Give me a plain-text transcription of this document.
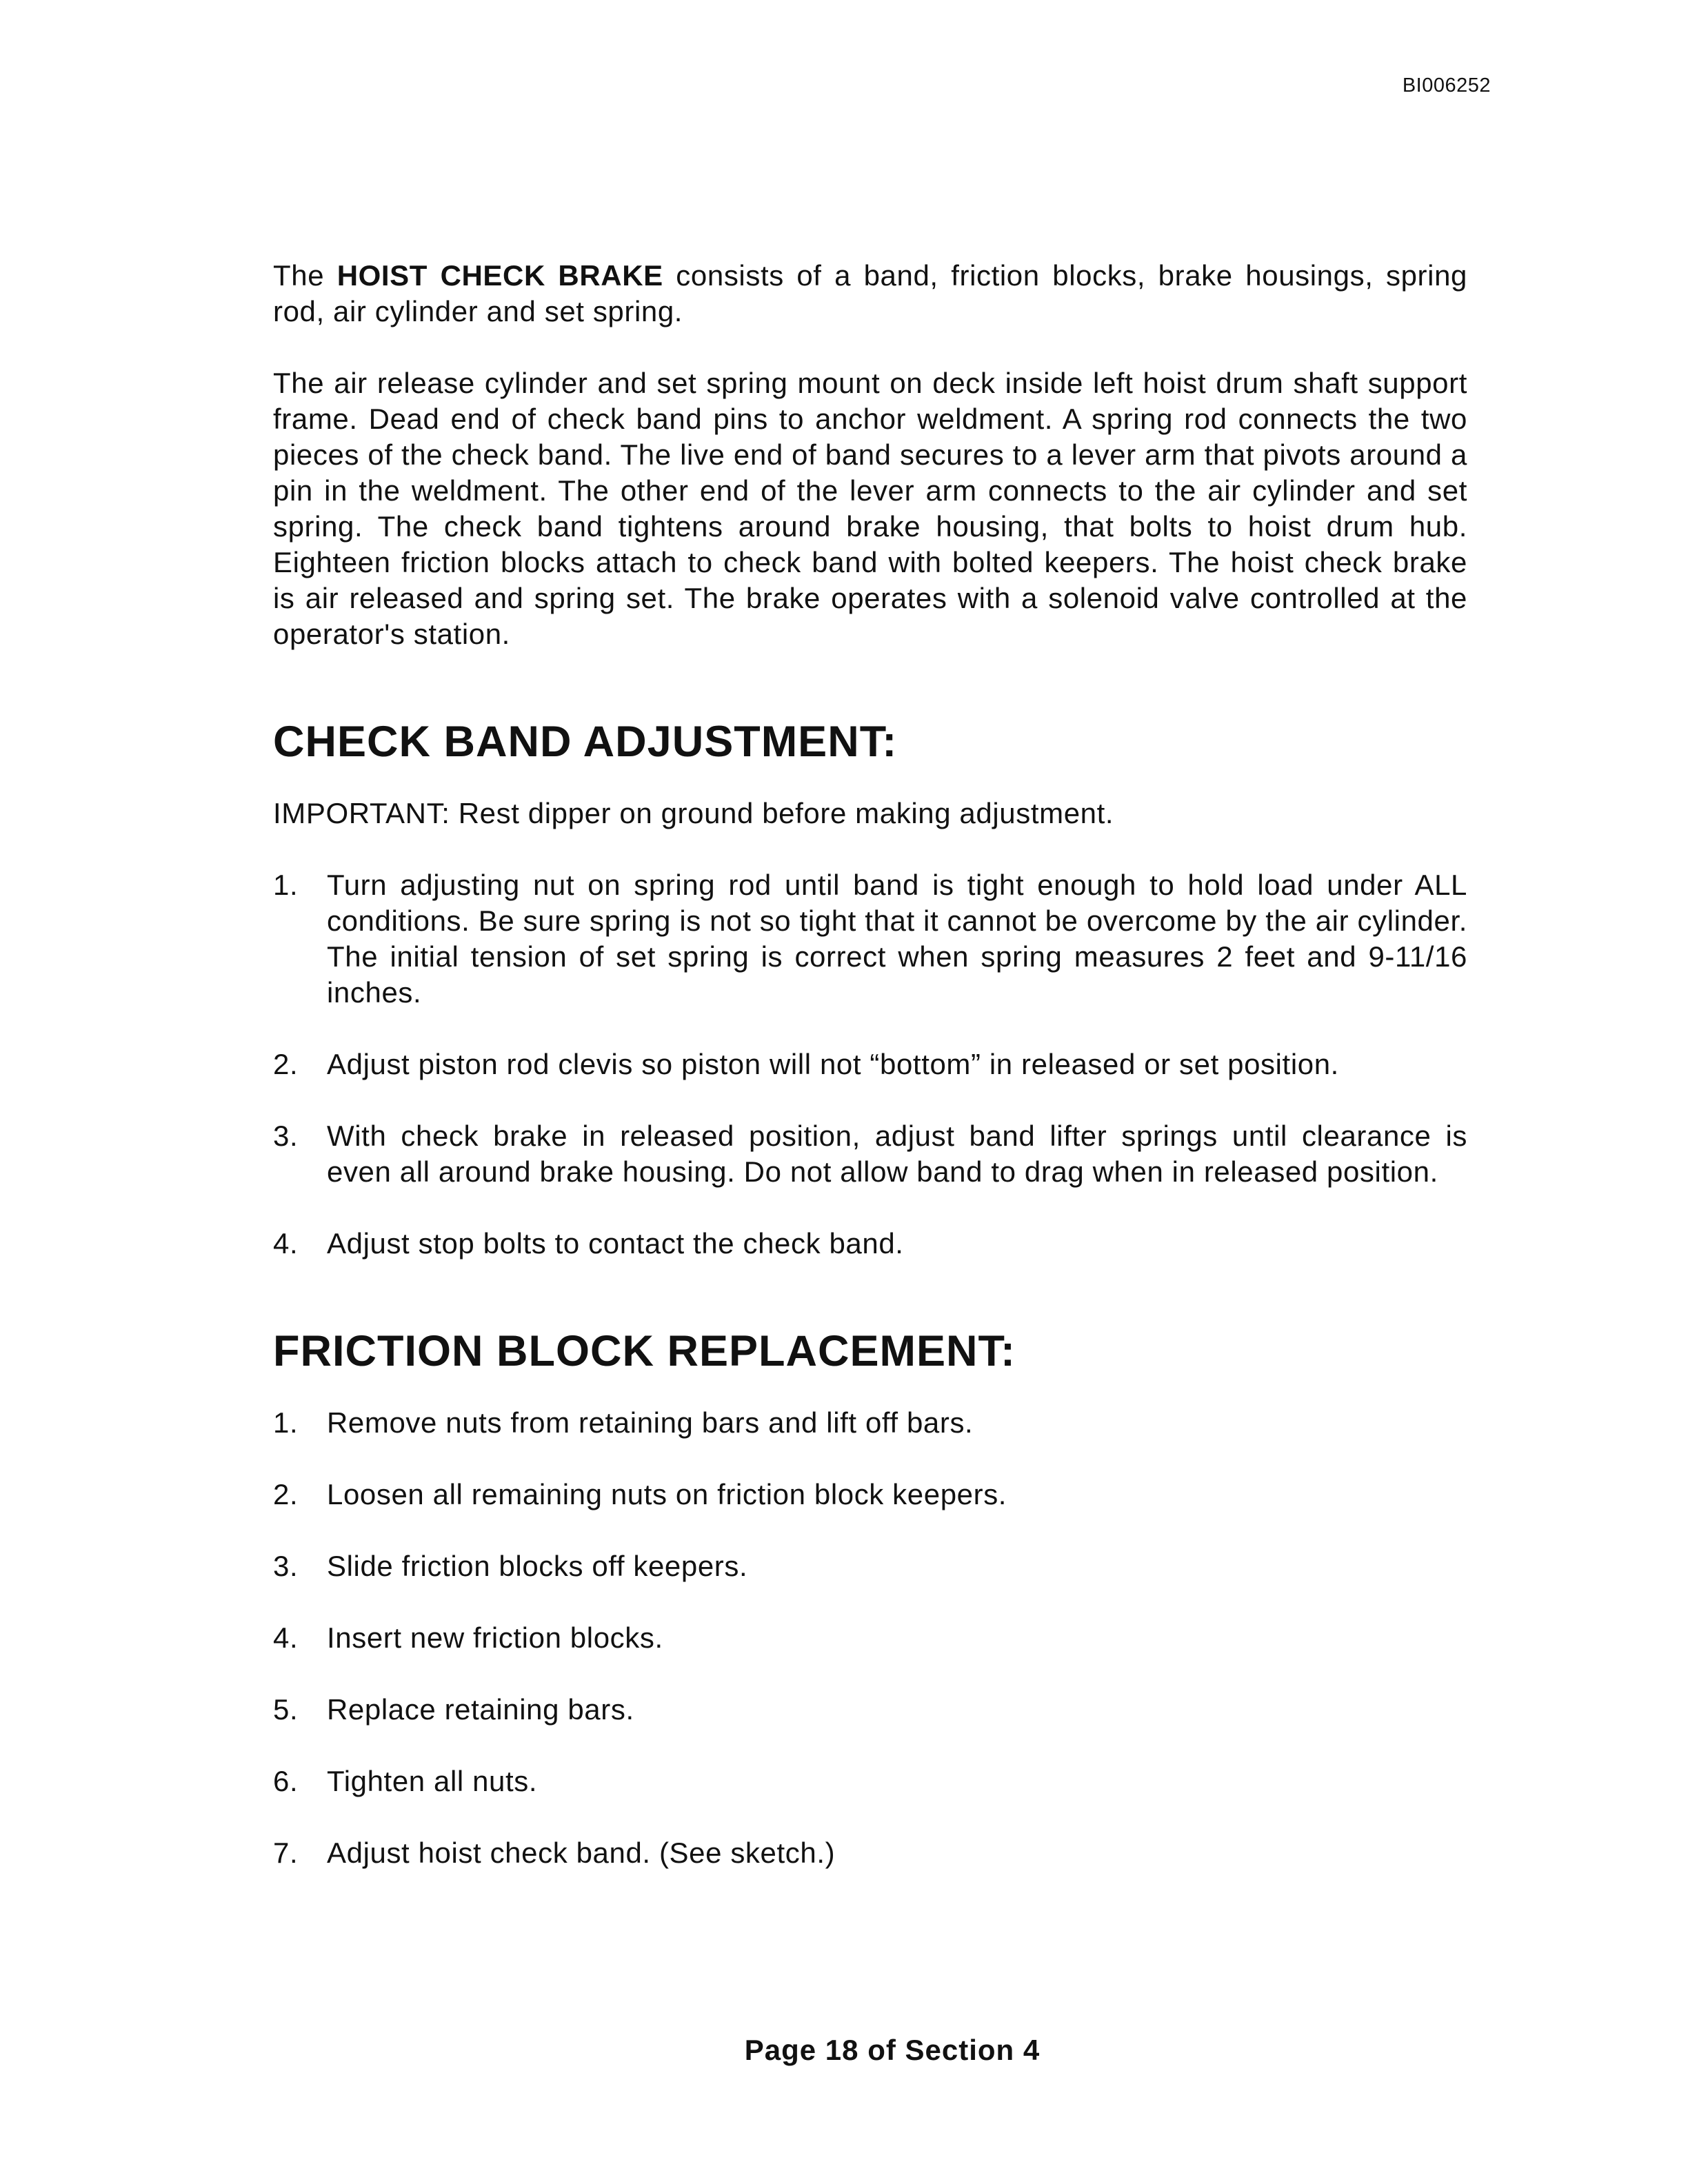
BI006252

The HOIST CHECK BRAKE consists of a band, friction blocks, brake housings, spring rod, air cylinder and set spring.

The air release cylinder and set spring mount on deck inside left hoist drum shaft support frame. Dead end of check band pins to anchor weldment. A spring rod connects the two pieces of the check band. The live end of band secures to a lever arm that pivots around a pin in the weldment. The other end of the lever arm connects to the air cylinder and set spring. The check band tightens around brake housing, that bolts to hoist drum hub. Eighteen friction blocks attach to check band with bolted keepers. The hoist check brake is air released and spring set. The brake operates with a solenoid valve controlled at the operator's station.

CHECK BAND ADJUSTMENT:

IMPORTANT: Rest dipper on ground before making adjustment.

1. Turn adjusting nut on spring rod until band is tight enough to hold load under ALL conditions. Be sure spring is not so tight that it cannot be overcome by the air cylinder. The initial tension of set spring is correct when spring measures 2 feet and 9-11/16 inches.
2. Adjust piston rod clevis so piston will not “bottom” in released or set position.
3. With check brake in released position, adjust band lifter springs until clearance is even all around brake housing. Do not allow band to drag when in released position.
4. Adjust stop bolts to contact the check band.
FRICTION BLOCK REPLACEMENT:
1. Remove nuts from retaining bars and lift off bars.
2. Loosen all remaining nuts on friction block keepers.
3. Slide friction blocks off keepers.
4. Insert new friction blocks.
5. Replace retaining bars.
6. Tighten all nuts.
7. Adjust hoist check band. (See sketch.)
Page 18 of Section 4
